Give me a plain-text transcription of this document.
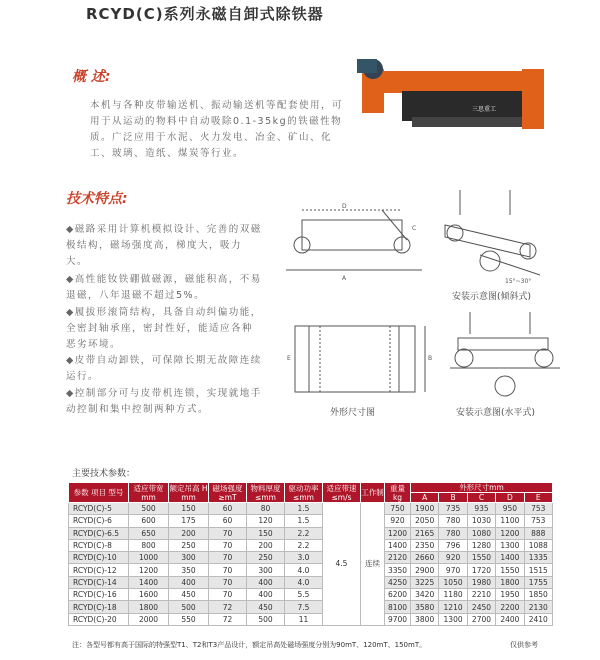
RCYD(C)系列永磁自卸式除铁器
概 述:
本机与各种皮带输送机、振动输送机等配套使用，可用于从运动的物料中自动吸除0.1-35kg的铁磁性物质。广泛应用于水泥、火力发电、冶金、矿山、化工、玻璃、造纸、煤炭等行业。
三思重工
技术特点:
◆磁路采用计算机模拟设计、完善的双磁极结构，磁场强度高，梯度大，吸力大。
◆高性能钕铁硼做磁源，磁能积高，不易退磁，八年退磁不超过5%。
◆履拔形滚筒结构，具备自动纠偏功能，全密封轴承座，密封性好，能适应各种恶劣环境。
◆皮带自动卸铁，可保障长期无故障连续运行。
◆控制部分可与皮带机连锁，实现就地手动控制和集中控制两种方式。
D
A
C
15°~30°
安装示意图(倾斜式)
E	B
外形尺寸图	安装示意图(水平式)
主要技术参数：
参数 项目 型号	适应带宽 mm	额定吊高 H mm	磁场强度 ≥mT	物料厚度 ≤mm	驱动功率 ≤mm	适应带速 ≤m/s	工作制	重量 kg	外形尺寸mm				
									A	B	C	D	E
RCYD(C)-5	500	150	60	80	1.5	4.5	连续	750	1900	735	935	950	753
RCYD(C)-6	600	175	60	120	1.5			920	2050	780	1030	1100	753
RCYD(C)-6.5	650	200	70	150	2.2			1200	2165	780	1080	1200	888
RCYD(C)-8	800	250	70	200	2.2			1400	2350	796	1280	1300	1088
RCYD(C)-10	1000	300	70	250	3.0			2120	2660	920	1550	1400	1335
RCYD(C)-12	1200	350	70	300	4.0			3350	2900	970	1720	1550	1515
RCYD(C)-14	1400	400	70	400	4.0			4250	3225	1050	1980	1800	1755
RCYD(C)-16	1600	450	70	400	5.5			6200	3420	1180	2210	1950	1850
RCYD(C)-18	1800	500	72	450	7.5			8100	3580	1210	2450	2200	2130
RCYD(C)-20	2000	550	72	500	11			9700	3800	1300	2700	2400	2410
注：各型号都有高于国际的特强型T1、T2和T3产品设计，额定吊高处磁场强度分别为90mT、120mT、150mT。	仅供参考
